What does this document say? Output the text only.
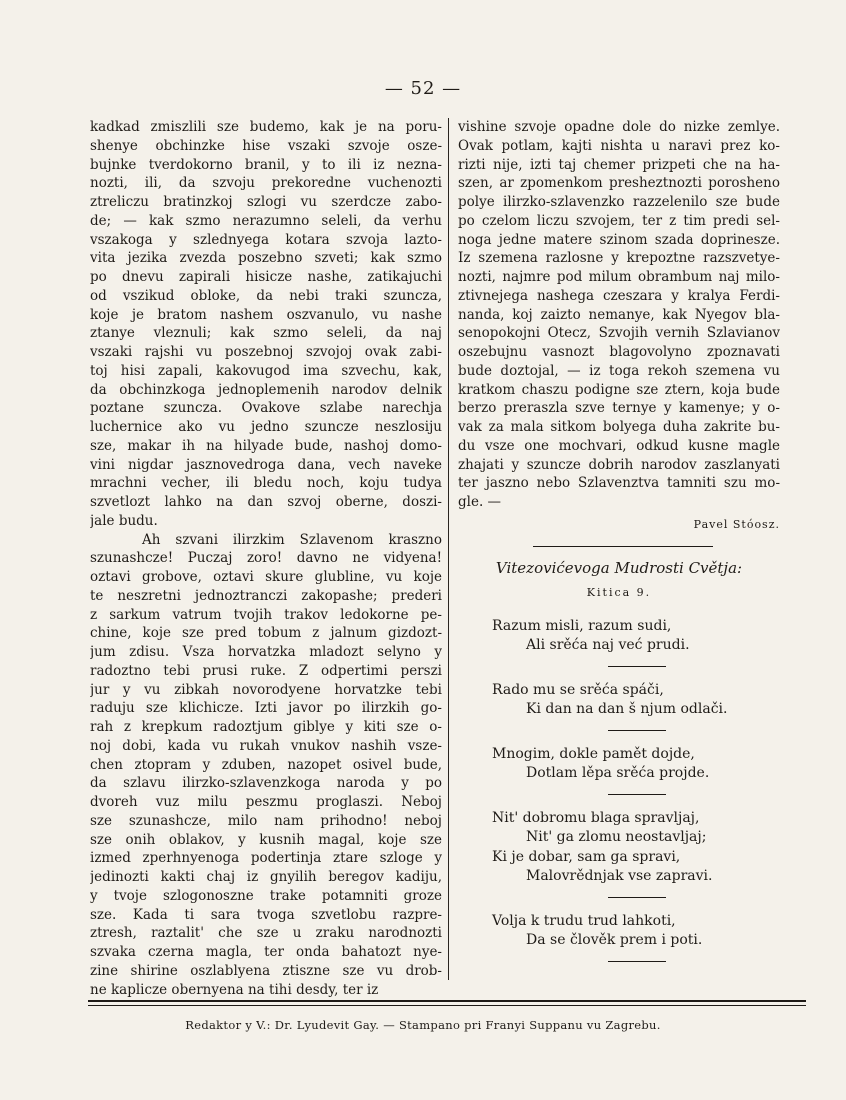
— 52 —
kadkad zmiszlili sze budemo, kak je na poru-
shenye obchinzke hise vszaki szvoje osze-
bujnke tverdokorno branil, y to ili iz nezna-
nozti, ili, da szvoju prekoredne vuchenozti
ztreliczu bratinzkoj szlogi vu szerdcze zabo-
de; — kak szmo nerazumno seleli, da verhu
vszakoga y szlednyega kotara szvoja lazto-
vita jezika zvezda poszebno szveti; kak szmo
po dnevu zapirali hisicze nashe, zatikajuchi
od vszikud obloke, da nebi traki szuncza,
koje je bratom nashem oszvanulo, vu nashe
ztanye vleznuli; kak szmo seleli, da naj
vszaki rajshi vu poszebnoj szvojoj ovak zabi-
toj hisi zapali, kakovugod ima szvechu, kak,
da obchinzkoga jednoplemenih narodov delnik
poztane szuncza. Ovakove szlabe narechja
luchernice ako vu jedno szuncze neszlosiju
sze, makar ih na hilyade bude, nashoj domo-
vini nigdar jasznovedroga dana, vech naveke
mrachni vecher, ili bledu noch, koju tudya
szvetlozt lahko na dan szvoj oberne, doszi-
jale budu.
Ah szvani ilirzkim Szlavenom kraszno
szunashcze! Puczaj zoro! davno ne vidyena!
oztavi grobove, oztavi skure glubline, vu koje
te neszretni jednoztranczi zakopashe; prederi
z sarkum vatrum tvojih trakov ledokorne pe-
chine, koje sze pred tobum z jalnum gizdozt-
jum zdisu. Vsza horvatzka mladozt selyno y
radoztno tebi prusi ruke. Z odpertimi perszi
jur y vu zibkah novorodyene horvatzke tebi
raduju sze klichicze. Izti javor po ilirzkih go-
rah z krepkum radoztjum giblye y kiti sze o-
noj dobi, kada vu rukah vnukov nashih vsze-
chen ztopram y zduben, nazopet osivel bude,
da szlavu ilirzko-szlavenzkoga naroda y po
dvoreh vuz milu peszmu proglaszi. Neboj
sze szunashcze, milo nam prihodno! neboj
sze onih oblakov, y kusnih magal, koje sze
izmed zperhnyenoga podertinja ztare szloge y
jedinozti kakti chaj iz gnyilih beregov kadiju,
y tvoje szlogonoszne trake potamniti groze
sze. Kada ti sara tvoga szvetlobu razpre-
ztresh, raztalit' che sze u zraku narodnozti
szvaka czerna magla, ter onda bahatozt nye-
zine shirine oszlablyena ztiszne sze vu drob-
ne kaplicze obernyena na tihi desdy, ter iz
vishine szvoje opadne dole do nizke zemlye.
Ovak potlam, kajti nishta u naravi prez ko-
rizti nije, izti taj chemer prizpeti che na ha-
szen, ar zpomenkom presheztnozti porosheno
polye ilirzko-szlavenzko razzelenilo sze bude
po czelom liczu szvojem, ter z tim predi sel-
noga jedne matere szinom szada doprinesze.
Iz szemena razlosne y krepoztne razszvetye-
nozti, najmre pod milum obrambum naj milo-
ztivnejega nashega czeszara y kralya Ferdi-
nanda, koj zaizto nemanye, kak Nyegov bla-
senopokojni Otecz, Szvojih vernih Szlavianov
oszebujnu vasnozt blagovolyno zpoznavati
bude doztojal, — iz toga rekoh szemena vu
kratkom chaszu podigne sze ztern, koja bude
berzo preraszla szve ternye y kamenye; y o-
vak za mala sitkom bolyega duha zakrite bu-
du vsze one mochvari, odkud kusne magle
zhajati y szuncze dobrih narodov zaszlanyati
ter jaszno nebo Szlavenztva tamniti szu mo-
gle. —
Pavel Stóosz.
Vitezovićevoga Mudrosti Cvětja:
Kitica 9.
Razum misli, razum sudi,
Ali srěća naj već prudi.
Rado mu se srěća spáči,
Ki dan na dan š njum odlači.
Mnogim, dokle pamět dojde,
Dotlam lěpa srěća projde.
Nit' dobromu blaga spravljaj,
Nit' ga zlomu neostavljaj;
Ki je dobar, sam ga spravi,
Malovrědnjak vse zapravi.
Volja k trudu trud lahkoti,
Da se člověk prem i poti.
Redaktor y V.: Dr. Lyudevit Gay. — Stampano pri Franyi Suppanu vu Zagrebu.
